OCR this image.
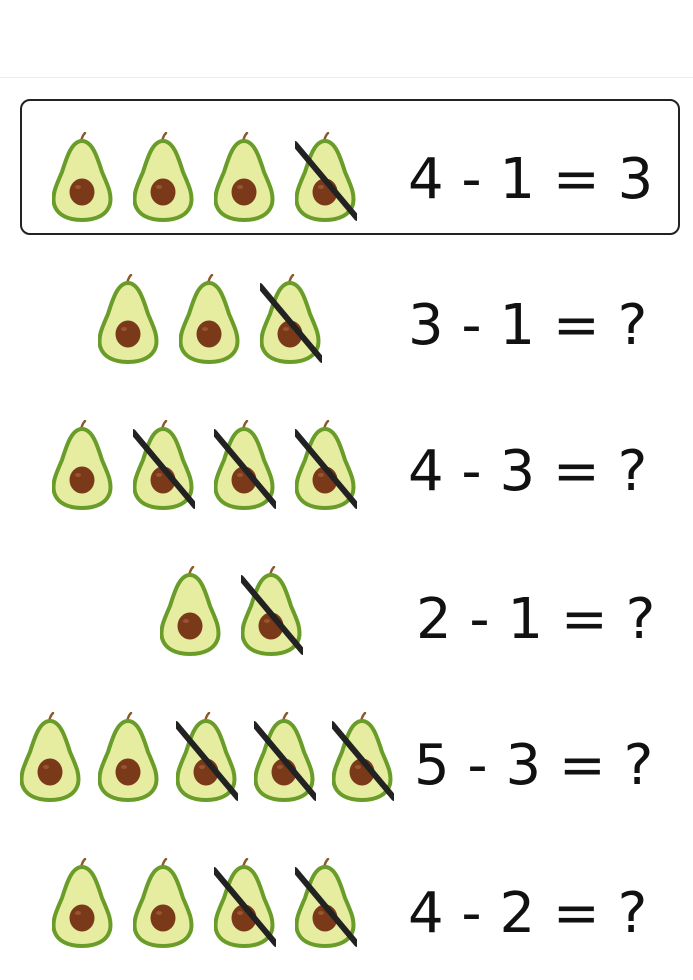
4 - 1 = 3
3 - 1 = ?
4 - 3 = ?
2 - 1 = ?
5 - 3 = ?
4 - 2 = ?
